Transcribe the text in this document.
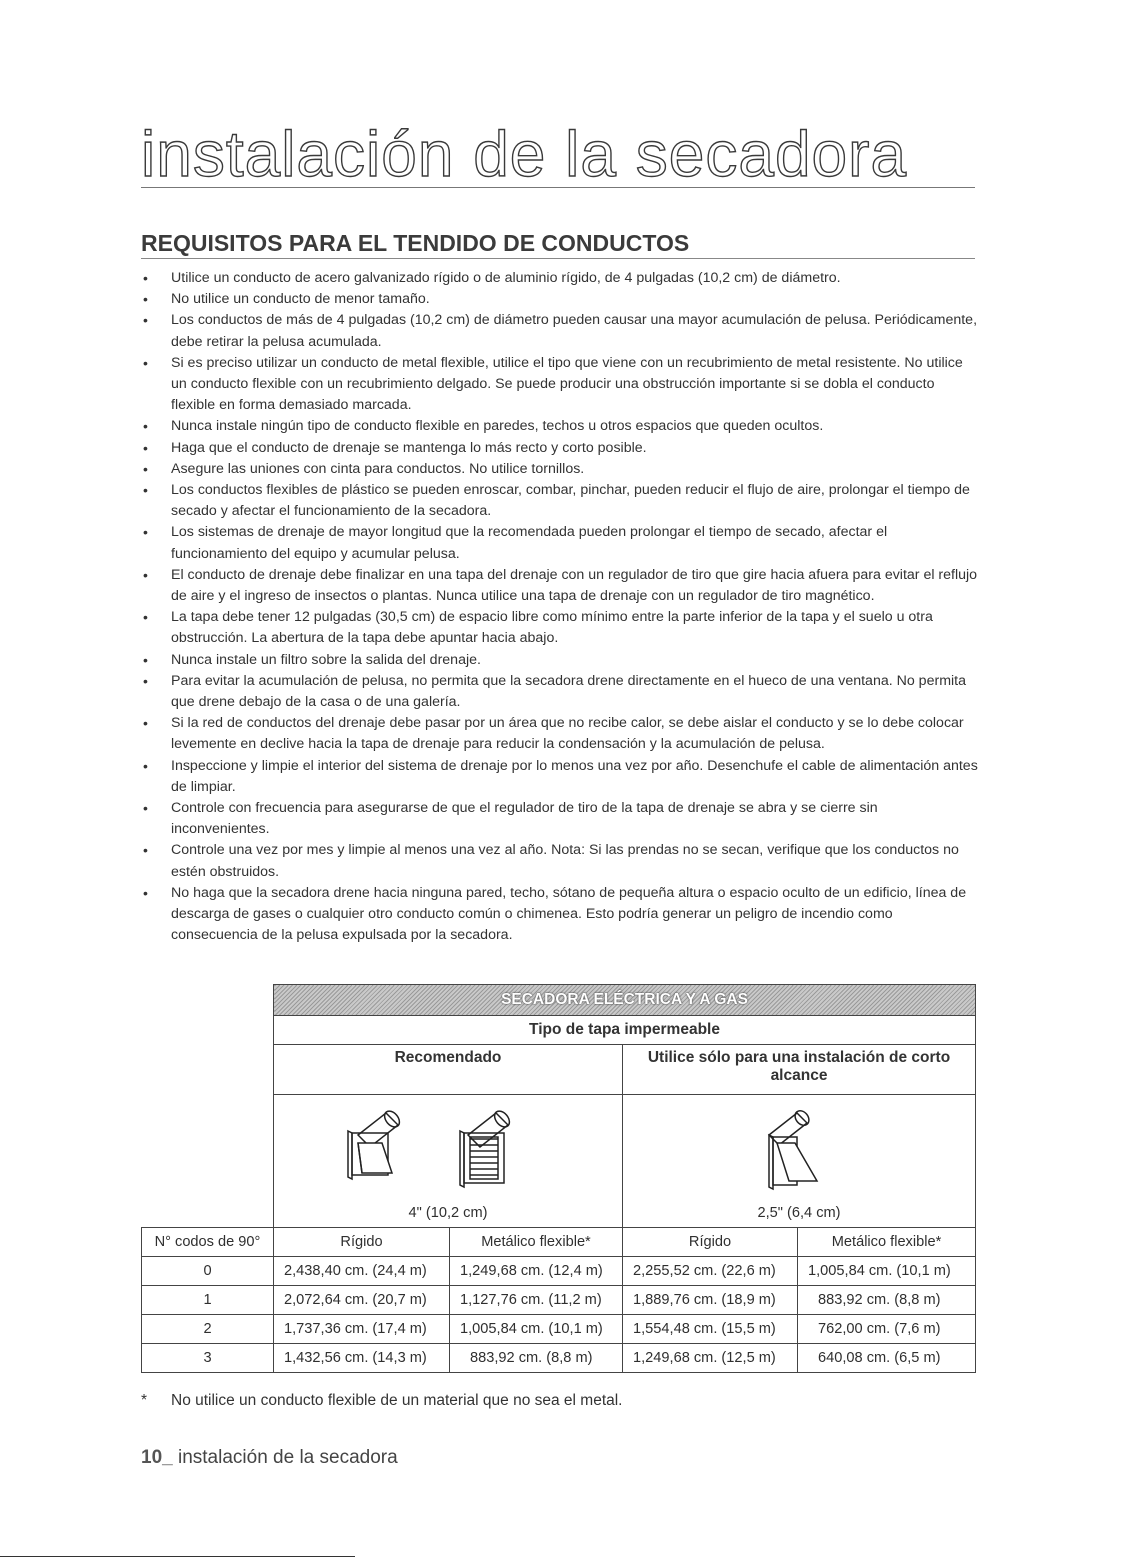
instalación de la secadora
REQUISITOS PARA EL TENDIDO DE CONDUCTOS
• Utilice un conducto de acero galvanizado rígido o de aluminio rígido, de 4 pulgadas (10,2 cm) de diámetro.
• No utilice un conducto de menor tamaño.
• Los conductos de más de 4 pulgadas (10,2 cm) de diámetro pueden causar una mayor acumulación de pelusa. Periódicamente, debe retirar la pelusa acumulada.
• Si es preciso utilizar un conducto de metal flexible, utilice el tipo que viene con un recubrimiento de metal resistente. No utilice un conducto flexible con un recubrimiento delgado. Se puede producir una obstrucción importante si se dobla el conducto flexible en forma demasiado marcada.
• Nunca instale ningún tipo de conducto flexible en paredes, techos u otros espacios que queden ocultos.
• Haga que el conducto de drenaje se mantenga lo más recto y corto posible.
• Asegure las uniones con cinta para conductos. No utilice tornillos.
• Los conductos flexibles de plástico se pueden enroscar, combar, pinchar, pueden reducir el flujo de aire, prolongar el tiempo de secado y afectar el funcionamiento de la secadora.
• Los sistemas de drenaje de mayor longitud que la recomendada pueden prolongar el tiempo de secado, afectar el funcionamiento del equipo y acumular pelusa.
• El conducto de drenaje debe finalizar en una tapa del drenaje con un regulador de tiro que gire hacia afuera para evitar el reflujo de aire y el ingreso de insectos o plantas. Nunca utilice una tapa de drenaje con un regulador de tiro magnético.
• La tapa debe tener 12 pulgadas (30,5 cm) de espacio libre como mínimo entre la parte inferior de la tapa y el suelo u otra obstrucción. La abertura de la tapa debe apuntar hacia abajo.
• Nunca instale un filtro sobre la salida del drenaje.
• Para evitar la acumulación de pelusa, no permita que la secadora drene directamente en el hueco de una ventana. No permita que drene debajo de la casa o de una galería.
• Si la red de conductos del drenaje debe pasar por un área que no recibe calor, se debe aislar el conducto y se lo debe colocar levemente en declive hacia la tapa de drenaje para reducir la condensación y la acumulación de pelusa.
• Inspeccione y limpie el interior del sistema de drenaje por lo menos una vez por año. Desenchufe el cable de alimentación antes de limpiar.
• Controle con frecuencia para asegurarse de que el regulador de tiro de la tapa de drenaje se abra y se cierre sin inconvenientes.
• Controle una vez por mes y limpie al menos una vez al año. Nota: Si las prendas no se secan, verifique que los conductos no estén obstruidos.
• No haga que la secadora drene hacia ninguna pared, techo, sótano de pequeña altura o espacio oculto de un edificio, línea de descarga de gases o cualquier otro conducto común o chimenea. Esto podría generar un peligro de incendio como consecuencia de la pelusa expulsada por la secadora.
	SECADORA ELÉCTRICA Y A GAS			
	Tipo de tapa impermeable			
	Recomendado		Utilice sólo para una instalación de corto alcance	

	4" (10,2 cm)		2,5" (6,4 cm)	
N° codos de 90°	Rígido	Metálico flexible*	Rígido	Metálico flexible*
0	2,438,40 cm. (24,4 m)	1,249,68 cm. (12,4 m)	2,255,52 cm. (22,6 m)	1,005,84 cm. (10,1 m)
1	2,072,64 cm. (20,7 m)	1,127,76 cm. (11,2 m)	1,889,76 cm. (18,9 m)	883,92 cm. (8,8 m)
2	1,737,36 cm. (17,4 m)	1,005,84 cm. (10,1 m)	1,554,48 cm. (15,5 m)	762,00 cm. (7,6 m)
3	1,432,56 cm. (14,3 m)	883,92 cm. (8,8 m)	1,249,68 cm. (12,5 m)	640,08 cm. (6,5 m)
* No utilice un conducto flexible de un material que no sea el metal.
10_ instalación de la secadora
